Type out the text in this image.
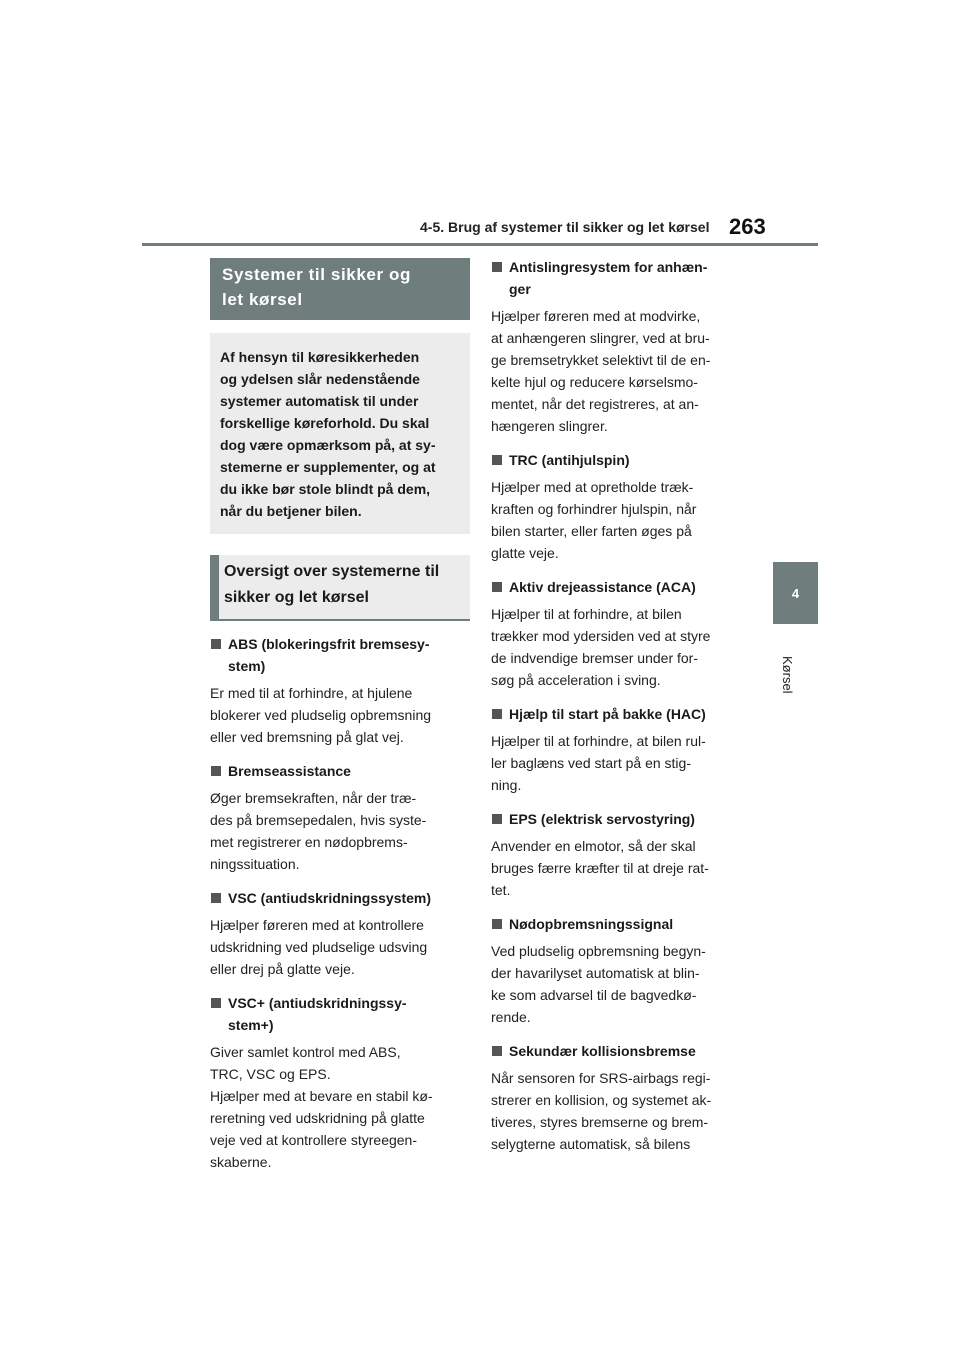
4-5. Brug af systemer til sikker og let kørsel 263
4
Kørsel
Systemer til sikker og
let kørsel
Af hensyn til køresikkerheden
og ydelsen slår nedenstående
systemer automatisk til under
forskellige køreforhold. Du skal
dog være opmærksom på, at sy-
stemerne er supplementer, og at
du ikke bør stole blindt på dem,
når du betjener bilen.
Oversigt over systemerne til
sikker og let kørsel
ABS (blokeringsfrit bremsesy-
stem)
Er med til at forhindre, at hjulene
blokerer ved pludselig opbremsning
eller ved bremsning på glat vej.
Bremseassistance
Øger bremsekraften, når der træ-
des på bremsepedalen, hvis syste-
met registrerer en nødopbrems-
ningssituation.
VSC (antiudskridningssystem)
Hjælper føreren med at kontrollere
udskridning ved pludselige udsving
eller drej på glatte veje.
VSC+ (antiudskridningssy-
stem+)
Giver samlet kontrol med ABS,
TRC, VSC og EPS.
Hjælper med at bevare en stabil kø-
reretning ved udskridning på glatte
veje ved at kontrollere styreegen-
skaberne.
Antislingresystem for anhæn-
ger
Hjælper føreren med at modvirke,
at anhængeren slingrer, ved at bru-
ge bremsetrykket selektivt til de en-
kelte hjul og reducere kørselsmo-
mentet, når det registreres, at an-
hængeren slingrer.
TRC (antihjulspin)
Hjælper med at opretholde træk-
kraften og forhindrer hjulspin, når
bilen starter, eller farten øges på
glatte veje.
Aktiv drejeassistance (ACA)
Hjælper til at forhindre, at bilen
trækker mod ydersiden ved at styre
de indvendige bremser under for-
søg på acceleration i sving.
Hjælp til start på bakke (HAC)
Hjælper til at forhindre, at bilen rul-
ler baglæns ved start på en stig-
ning.
EPS (elektrisk servostyring)
Anvender en elmotor, så der skal
bruges færre kræfter til at dreje rat-
tet.
Nødopbremsningssignal
Ved pludselig opbremsning begyn-
der havarilyset automatisk at blin-
ke som advarsel til de bagvedkø-
rende.
Sekundær kollisionsbremse
Når sensoren for SRS-airbags regi-
strerer en kollision, og systemet ak-
tiveres, styres bremserne og brem-
selygterne automatisk, så bilens
